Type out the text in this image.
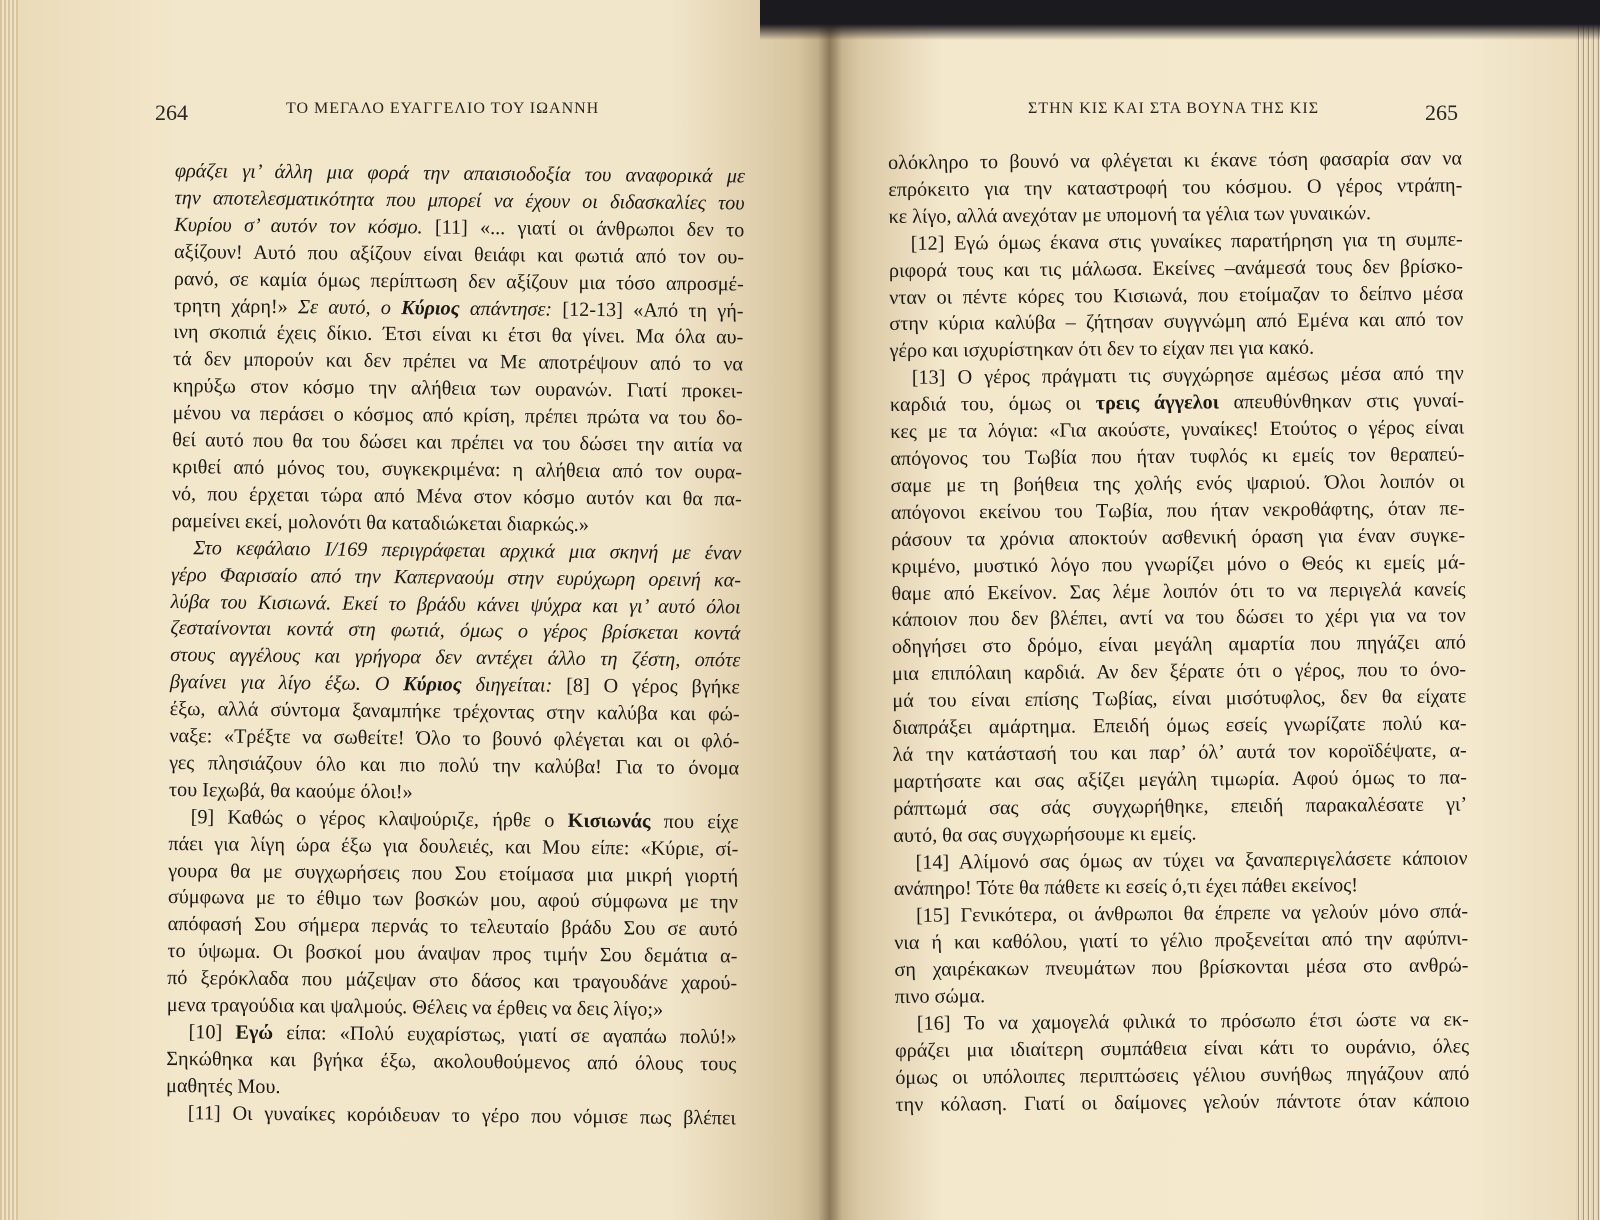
264	ΤΟ ΜΕΓΑΛΟ ΕΥΑΓΓΕΛΙΟ ΤΟΥ ΙΩΑΝΝΗ	ΣΤΗΝ ΚΙΣ ΚΑΙ ΣΤΑ ΒΟΥΝΑ ΤΗΣ ΚΙΣ	265
φράζει γι’ άλλη μια φορά την απαισιοδοξία του αναφορικά με
την αποτελεσματικότητα που μπορεί να έχουν οι διδασκαλίες του
Κυρίου σ’ αυτόν τον κόσμο. [11] «... γιατί οι άνθρωποι δεν το
αξίζουν! Αυτό που αξίζουν είναι θειάφι και φωτιά από τον ου-
ρανό, σε καμία όμως περίπτωση δεν αξίζουν μια τόσο απροσμέ-
τρητη χάρη!» Σε αυτό, ο Κύριος απάντησε: [12-13] «Από τη γή-
ινη σκοπιά έχεις δίκιο. Έτσι είναι κι έτσι θα γίνει. Μα όλα αυ-
τά δεν μπορούν και δεν πρέπει να Με αποτρέψουν από το να
κηρύξω στον κόσμο την αλήθεια των ουρανών. Γιατί προκει-
μένου να περάσει ο κόσμος από κρίση, πρέπει πρώτα να του δο-
θεί αυτό που θα του δώσει και πρέπει να του δώσει την αιτία να
κριθεί από μόνος του, συγκεκριμένα: η αλήθεια από τον ουρα-
νό, που έρχεται τώρα από Μένα στον κόσμο αυτόν και θα πα-
ραμείνει εκεί, μολονότι θα καταδιώκεται διαρκώς.»
Στο κεφάλαιο I/169 περιγράφεται αρχικά μια σκηνή με έναν
γέρο Φαρισαίο από την Καπερναούμ στην ευρύχωρη ορεινή κα-
λύβα του Κισιωνά. Εκεί το βράδυ κάνει ψύχρα και γι’ αυτό όλοι
ζεσταίνονται κοντά στη φωτιά, όμως ο γέρος βρίσκεται κοντά
στους αγγέλους και γρήγορα δεν αντέχει άλλο τη ζέστη, οπότε
βγαίνει για λίγο έξω. Ο Κύριος διηγείται: [8] Ο γέρος βγήκε
έξω, αλλά σύντομα ξαναμπήκε τρέχοντας στην καλύβα και φώ-
ναξε: «Τρέξτε να σωθείτε! Όλο το βουνό φλέγεται και οι φλό-
γες πλησιάζουν όλο και πιο πολύ την καλύβα! Για το όνομα
του Ιεχωβά, θα καούμε όλοι!»
[9] Καθώς ο γέρος κλαψούριζε, ήρθε ο Κισιωνάς που είχε
πάει για λίγη ώρα έξω για δουλειές, και Μου είπε: «Κύριε, σί-
γουρα θα με συγχωρήσεις που Σου ετοίμασα μια μικρή γιορτή
σύμφωνα με το έθιμο των βοσκών μου, αφού σύμφωνα με την
απόφασή Σου σήμερα περνάς το τελευταίο βράδυ Σου σε αυτό
το ύψωμα. Οι βοσκοί μου άναψαν προς τιμήν Σου δεμάτια α-
πό ξερόκλαδα που μάζεψαν στο δάσος και τραγουδάνε χαρού-
μενα τραγούδια και ψαλμούς. Θέλεις να έρθεις να δεις λίγο;»
[10] Εγώ είπα: «Πολύ ευχαρίστως, γιατί σε αγαπάω πολύ!»
Σηκώθηκα και βγήκα έξω, ακολουθούμενος από όλους τους
μαθητές Μου.
[11] Οι γυναίκες κορόιδευαν το γέρο που νόμισε πως βλέπει
ολόκληρο το βουνό να φλέγεται κι έκανε τόση φασαρία σαν να
επρόκειτο για την καταστροφή του κόσμου. Ο γέρος ντράπη-
κε λίγο, αλλά ανεχόταν με υπομονή τα γέλια των γυναικών.
[12] Εγώ όμως έκανα στις γυναίκες παρατήρηση για τη συμπε-
ριφορά τους και τις μάλωσα. Εκείνες –ανάμεσά τους δεν βρίσκο-
νταν οι πέντε κόρες του Κισιωνά, που ετοίμαζαν το δείπνο μέσα
στην κύρια καλύβα – ζήτησαν συγγνώμη από Εμένα και από τον
γέρο και ισχυρίστηκαν ότι δεν το είχαν πει για κακό.
[13] Ο γέρος πράγματι τις συγχώρησε αμέσως μέσα από την
καρδιά του, όμως οι τρεις άγγελοι απευθύνθηκαν στις γυναί-
κες με τα λόγια: «Για ακούστε, γυναίκες! Ετούτος ο γέρος είναι
απόγονος του Τωβία που ήταν τυφλός κι εμείς τον θεραπεύ-
σαμε με τη βοήθεια της χολής ενός ψαριού. Όλοι λοιπόν οι
απόγονοι εκείνου του Τωβία, που ήταν νεκροθάφτης, όταν πε-
ράσουν τα χρόνια αποκτούν ασθενική όραση για έναν συγκε-
κριμένο, μυστικό λόγο που γνωρίζει μόνο ο Θεός κι εμείς μά-
θαμε από Εκείνον. Σας λέμε λοιπόν ότι το να περιγελά κανείς
κάποιον που δεν βλέπει, αντί να του δώσει το χέρι για να τον
οδηγήσει στο δρόμο, είναι μεγάλη αμαρτία που πηγάζει από
μια επιπόλαιη καρδιά. Αν δεν ξέρατε ότι ο γέρος, που το όνο-
μά του είναι επίσης Τωβίας, είναι μισότυφλος, δεν θα είχατε
διαπράξει αμάρτημα. Επειδή όμως εσείς γνωρίζατε πολύ κα-
λά την κατάστασή του και παρ’ όλ’ αυτά τον κοροϊδέψατε, α-
μαρτήσατε και σας αξίζει μεγάλη τιμωρία. Αφού όμως το πα-
ράπτωμά σας σάς συγχωρήθηκε, επειδή παρακαλέσατε γι’
αυτό, θα σας συγχωρήσουμε κι εμείς.
[14] Αλίμονό σας όμως αν τύχει να ξαναπεριγελάσετε κάποιον
ανάπηρο! Τότε θα πάθετε κι εσείς ό,τι έχει πάθει εκείνος!
[15] Γενικότερα, οι άνθρωποι θα έπρεπε να γελούν μόνο σπά-
νια ή και καθόλου, γιατί το γέλιο προξενείται από την αφύπνι-
ση χαιρέκακων πνευμάτων που βρίσκονται μέσα στο ανθρώ-
πινο σώμα.
[16] Το να χαμογελά φιλικά το πρόσωπο έτσι ώστε να εκ-
φράζει μια ιδιαίτερη συμπάθεια είναι κάτι το ουράνιο, όλες
όμως οι υπόλοιπες περιπτώσεις γέλιου συνήθως πηγάζουν από
την κόλαση. Γιατί οι δαίμονες γελούν πάντοτε όταν κάποιο
